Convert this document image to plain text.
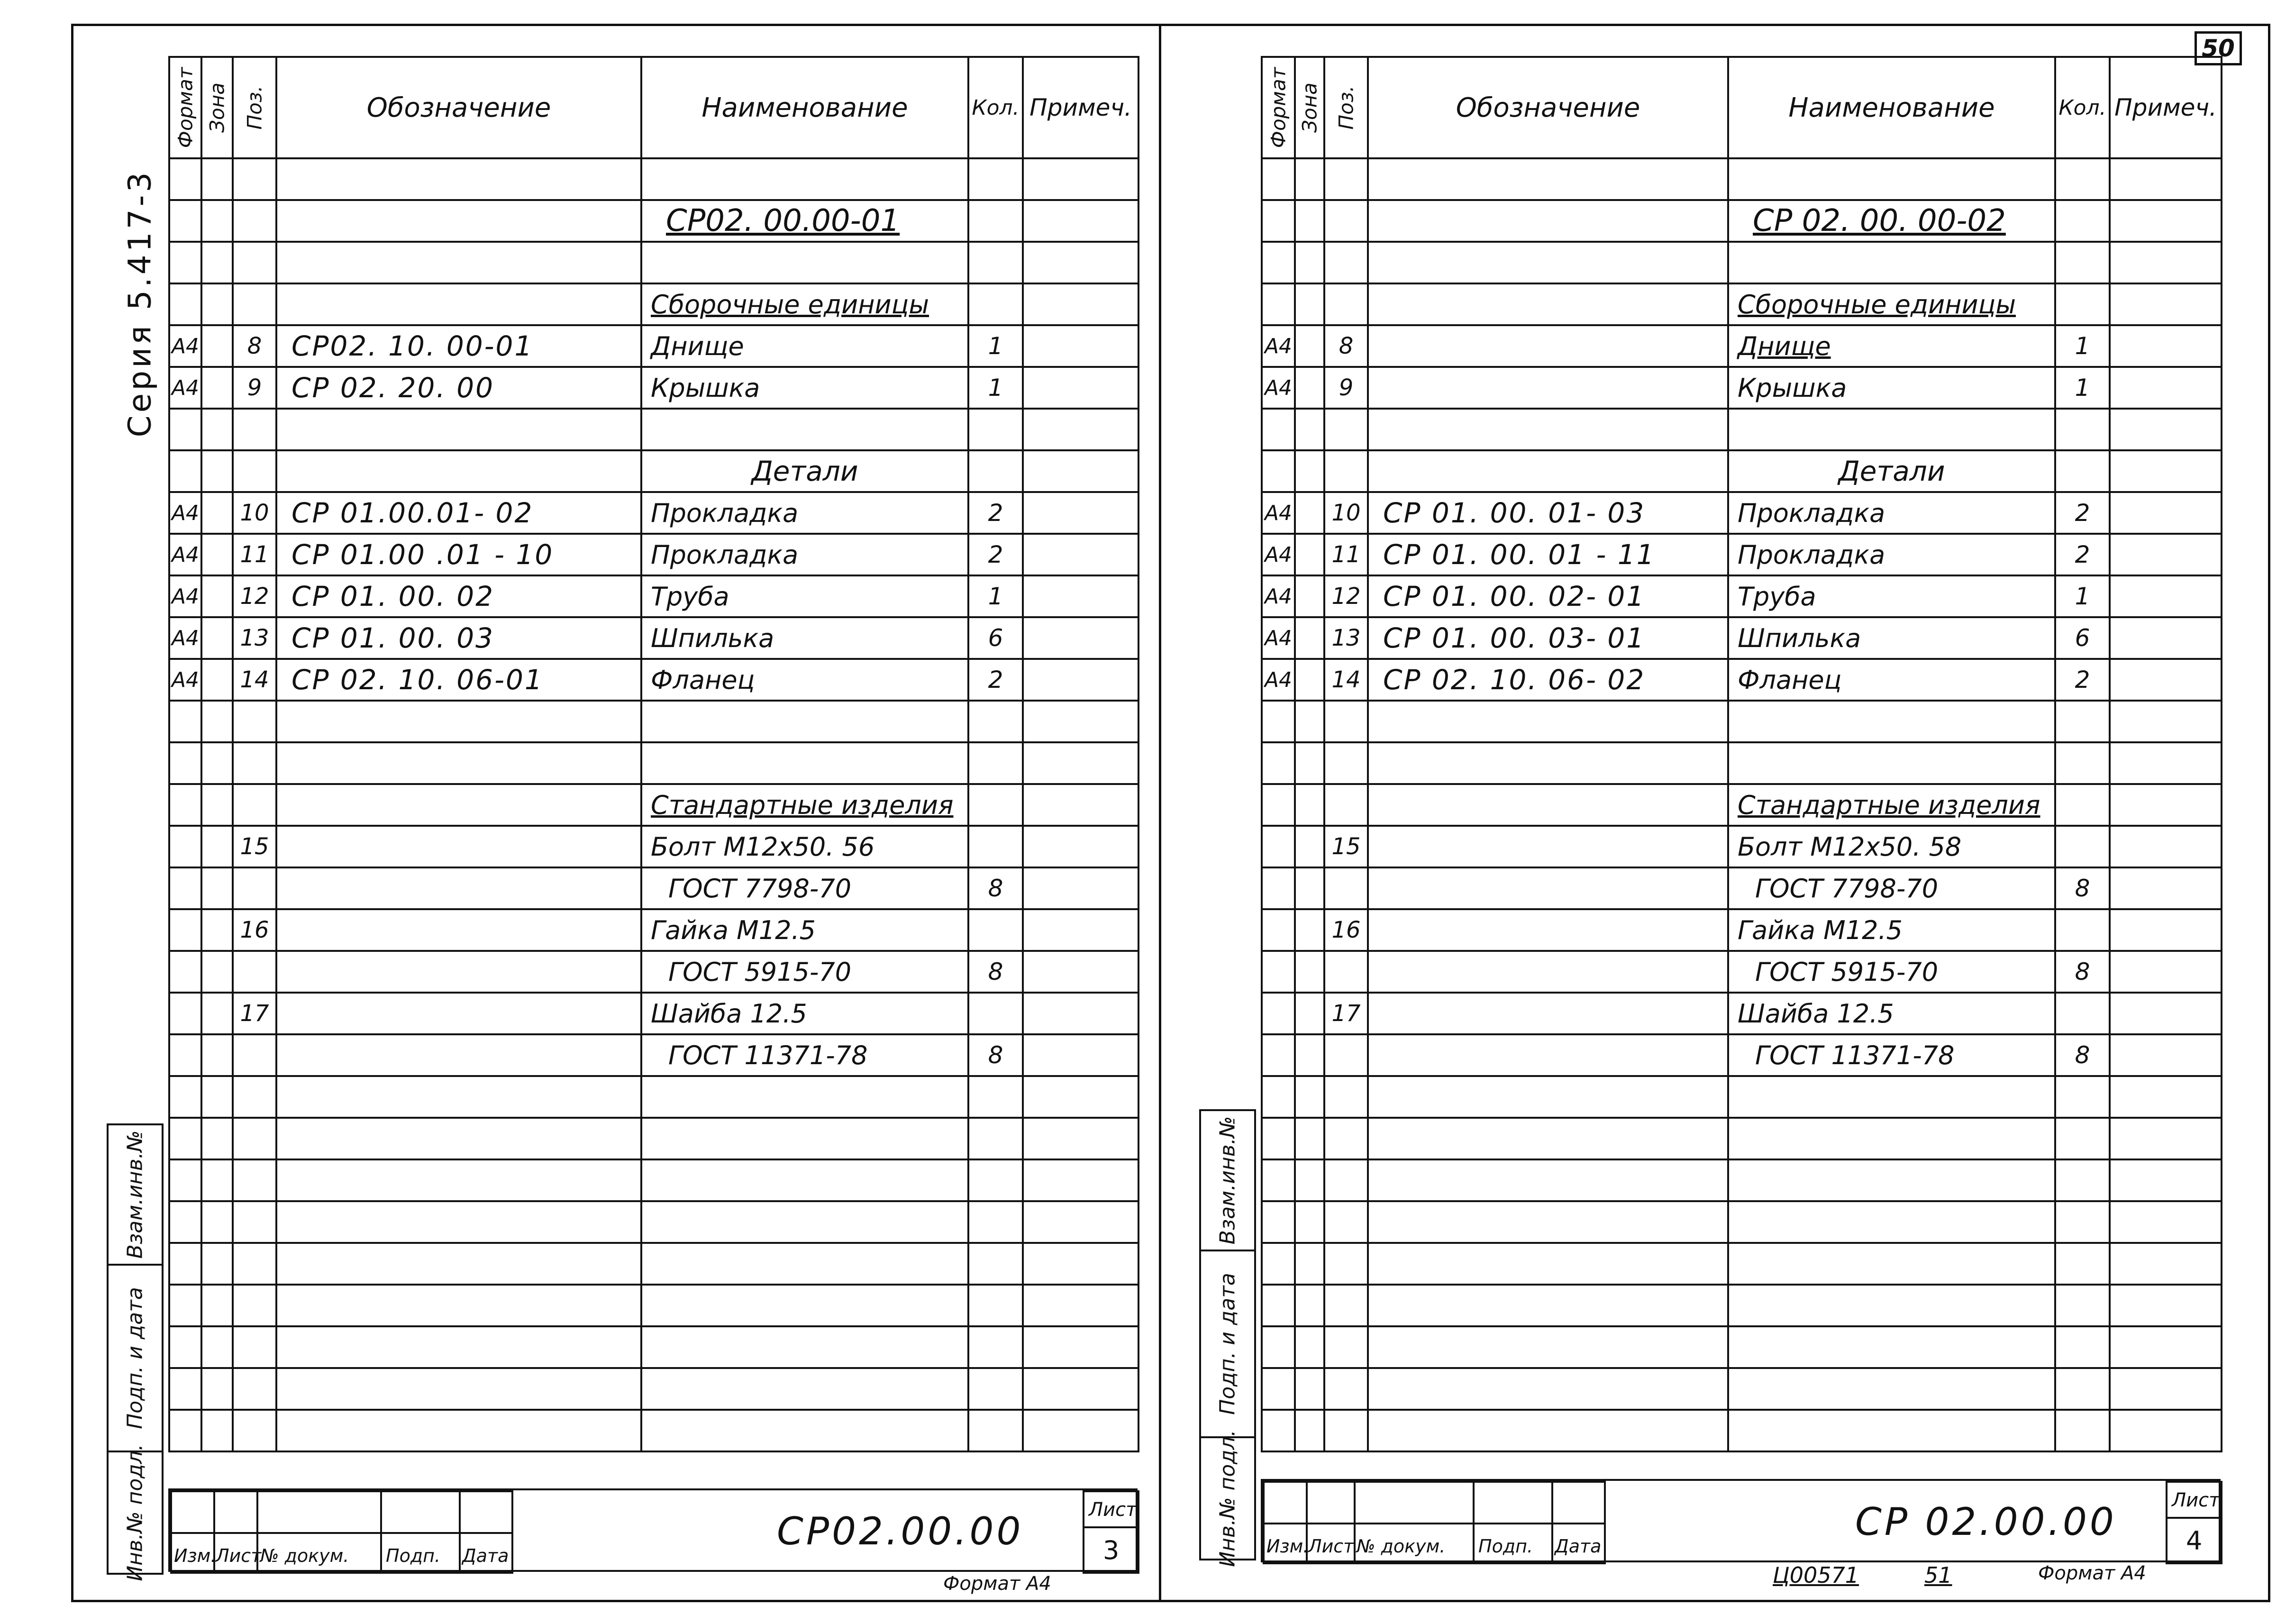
50
Серия 5.417-3
Взам.инв.№
Подп. и дата
Инв.№ подл.
Взам.инв.№
Подп. и дата
Инв.№ подл.
Формат	Зона	Поз.	Обозначение	Наименование	Кол.	Примеч.

				СР02. 00.00-01		

				Сборочные единицы		
А4		8	СР02. 10. 00-01	Днище	1	
А4		9	СР 02. 20. 00	Крышка	1	

				Детали		
А4		10	СР 01.00.01- 02	Прокладка	2	
А4		11	СР 01.00 .01 - 10	Прокладка	2	
А4		12	СР 01. 00. 02	Труба	1	
А4		13	СР 01. 00. 03	Шпилька	6	
А4		14	СР 02. 10. 06-01	Фланец	2	

				Стандартные изделия		
		15		Болт М12х50. 56		
				ГОСТ 7798-70	8	
		16		Гайка М12.5		
				ГОСТ 5915-70	8	
		17		Шайба 12.5		
				ГОСТ 11371-78	8	

Формат	Зона	Поз.	Обозначение	Наименование	Кол.	Примеч.

				СР 02. 00. 00-02		

				Сборочные единицы		
А4		8		Днище	1	
А4		9		Крышка	1	

				Детали		
А4		10	СР 01. 00. 01- 03	Прокладка	2	
А4		11	СР 01. 00. 01 - 11	Прокладка	2	
А4		12	СР 01. 00. 02- 01	Труба	1	
А4		13	СР 01. 00. 03- 01	Шпилька	6	
А4		14	СР 02. 10. 06- 02	Фланец	2	

				Стандартные изделия		
		15		Болт М12х50. 58		
				ГОСТ 7798-70	8	
		16		Гайка М12.5		
				ГОСТ 5915-70	8	
		17		Шайба 12.5		
				ГОСТ 11371-78	8	

Изм.
Лист
№ докум. Подп. Дата
СР02.00.00	Лист
3
Формат А4
Изм.
Лист № докум. Подп. Дата
СР 02.00.00	Лист
4
Ц00571	51	Формат А4
